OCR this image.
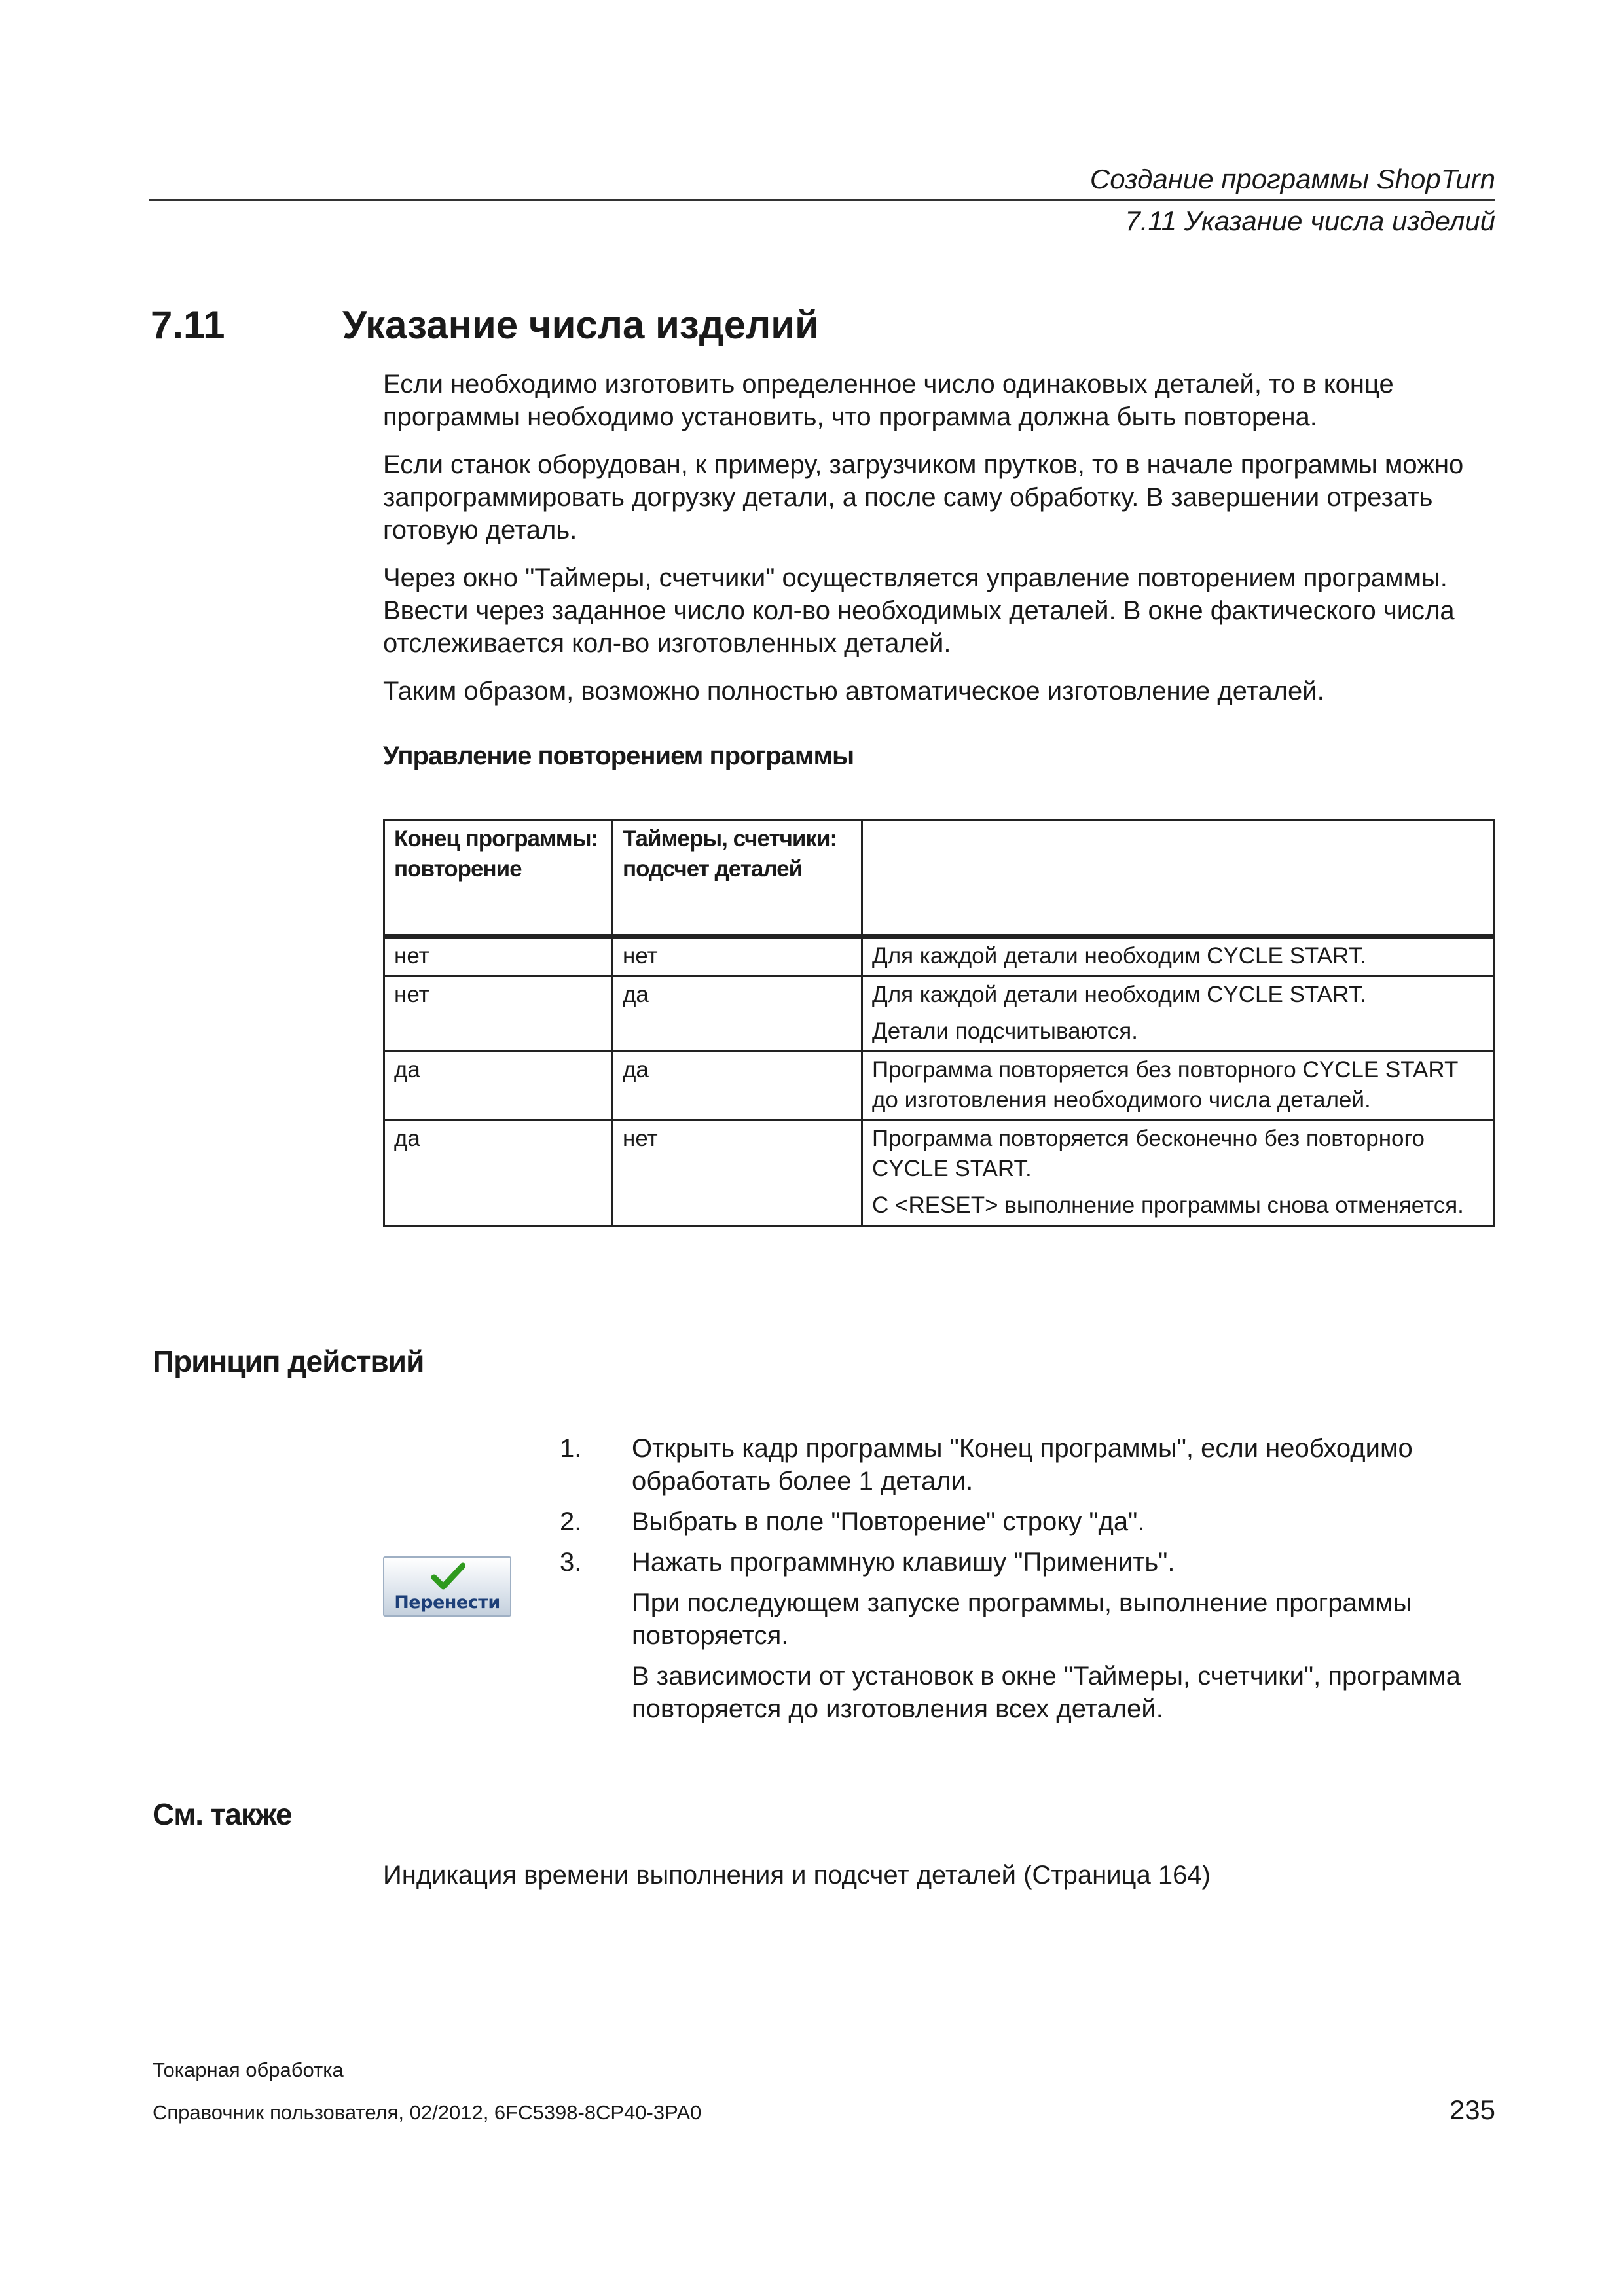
Создание программы ShopTurn
7.11 Указание числа изделий
7.11	Указание числа изделий

Если необходимо изготовить определенное число одинаковых деталей, то в конце программы необходимо установить, что программа должна быть повторена.

Если станок оборудован, к примеру, загрузчиком прутков, то в начале программы можно запрограммировать догрузку детали, а после саму обработку. В завершении отрезать готовую деталь.

Через окно "Таймеры, счетчики" осуществляется управление повторением программы. Ввести через заданное число кол-во необходимых деталей. В окне фактического числа отслеживается кол-во изготовленных деталей.

Таким образом, возможно полностью автоматическое изготовление деталей.

Управление повторением программы
Конец программы: повторение	Таймеры, счетчики: подсчет деталей	
нет	нет	Для каждой детали необходим CYCLE START.
нет	да	Для каждой детали необходим CYCLE START.
Детали подсчитываются.

да	да	Программа повторяется без повторного CYCLE START до изготовления необходимого числа деталей.
да	нет	Программа повторяется бесконечно без повторного CYCLE START.
С <RESET> выполнение программы снова отменяется.
Принцип действий
Перенести
1. Открыть кадр программы "Конец программы", если необходимо обработать более 1 детали.

2. Выбрать в поле "Повторение" строку "да".

3. Нажать программную клавишу "Применить".

При последующем запуске программы, выполнение программы повторяется.

В зависимости от установок в окне "Таймеры, счетчики", программа повторяется до изготовления всех деталей.

См. также

Индикация времени выполнения и подсчет деталей (Страница 164)

Токарная обработка
Справочник пользователя, 02/2012, 6FC5398-8CP40-3PA0	235
